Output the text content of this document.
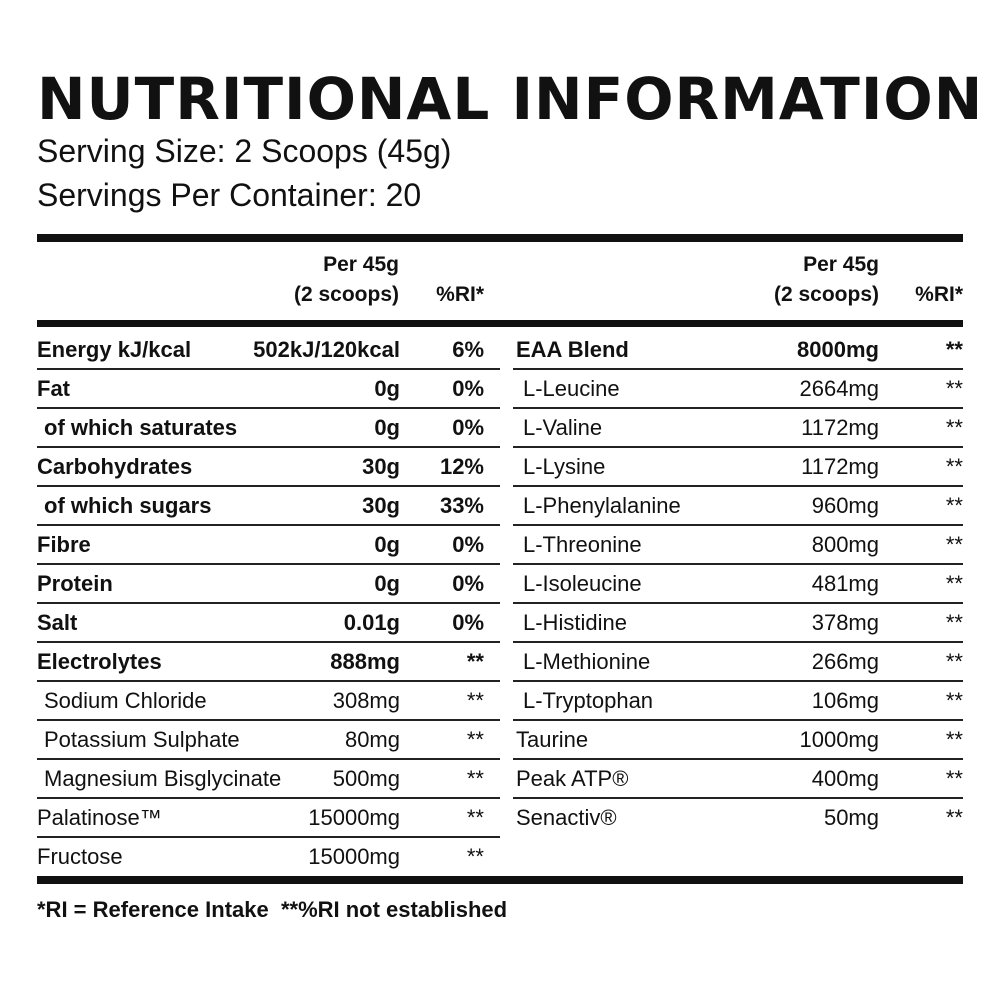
NUTRITIONAL INFORMATION
Serving Size: 2 Scoops (45g)
Servings Per Container: 20
Per 45g
(2 scoops)	%RI*
Per 45g
(2 scoops)	%RI*
Energy kJ/kcal	502kJ/120kcal 6%
Fat	0g 0%
of which saturates	0g 0%
Carbohydrates	30g 12%
of which sugars	30g 33%
Fibre	0g 0%
Protein	0g 0%
Salt	0.01g 0%
Electrolytes	888mg	**
Sodium Chloride	308mg	**
Potassium Sulphate	80mg	**
Magnesium Bisglycinate 500mg	**
Palatinose™	15000mg	**
Fructose	15000mg	**
EAA Blend	8000mg	**
L-Leucine	2664mg	**
L-Valine	1172mg	**
L-Lysine	1172mg	**
L-Phenylalanine	960mg	**
L-Threonine	800mg	**
L-Isoleucine	481mg	**
L-Histidine	378mg	**
L-Methionine	266mg	**
L-Tryptophan	106mg	**
Taurine	1000mg	**
Peak ATP®	400mg	**
Senactiv®	50mg	**
*RI = Reference Intake  **%RI not established
